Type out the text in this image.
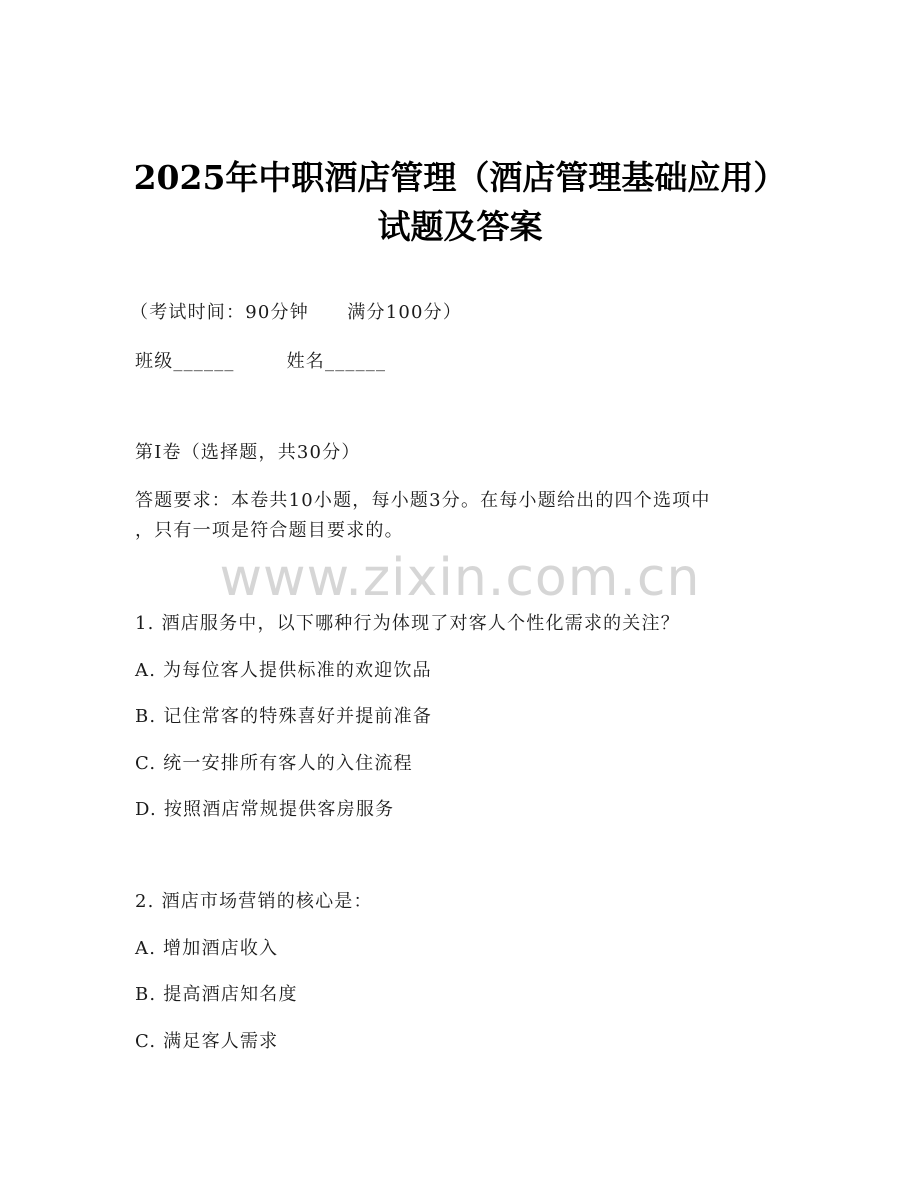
2025年中职酒店管理（酒店管理基础应用）
试题及答案
（考试时间：90分钟　　满分100分）
班级______	姓名______
第I卷（选择题，共30分）
答题要求：本卷共10小题，每小题3分。在每小题给出的四个选项中
，只有一项是符合题目要求的。
www.zixin.com.cn
1. 酒店服务中，以下哪种行为体现了对客人个性化需求的关注？
A. 为每位客人提供标准的欢迎饮品
B. 记住常客的特殊喜好并提前准备
C. 统一安排所有客人的入住流程
D. 按照酒店常规提供客房服务
2. 酒店市场营销的核心是：
A. 增加酒店收入
B. 提高酒店知名度
C. 满足客人需求
